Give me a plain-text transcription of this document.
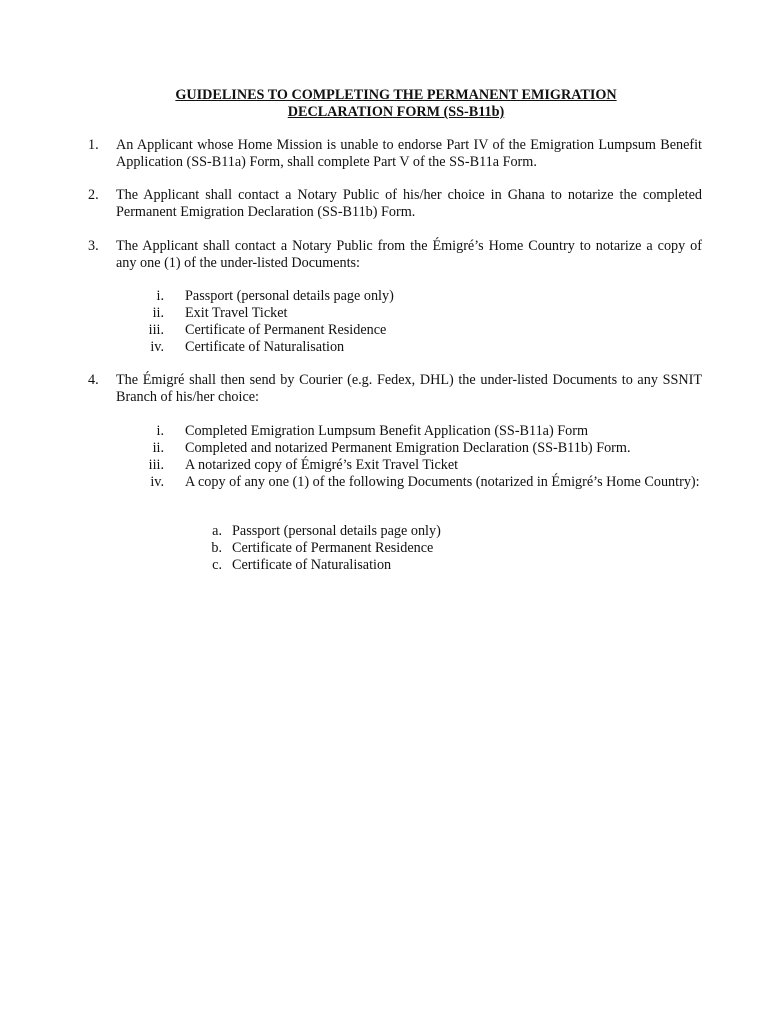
GUIDELINES TO COMPLETING THE PERMANENT EMIGRATION
DECLARATION FORM (SS-B11b)
1.	An Applicant whose Home Mission is unable to endorse Part IV of the Emigration Lumpsum Benefit Application (SS-B11a) Form, shall complete Part V of the SS-B11a Form.
2.	The Applicant shall contact a Notary Public of his/her choice in Ghana to notarize the completed Permanent Emigration Declaration (SS-B11b) Form.
3.	The Applicant shall contact a Notary Public from the Émigré’s Home Country to notarize a copy of any one (1) of the under-listed Documents:
i. Passport (personal details page only)
ii. Exit Travel Ticket
iii. Certificate of Permanent Residence
iv. Certificate of Naturalisation
4.	The Émigré shall then send by Courier (e.g. Fedex, DHL) the under-listed Documents to any SSNIT Branch of his/her choice:
i. Completed Emigration Lumpsum Benefit Application (SS-B11a) Form
ii. Completed and notarized Permanent Emigration Declaration (SS-B11b) Form.
iii. A notarized copy of Émigré’s Exit Travel Ticket
iv. A copy of any one (1) of the following Documents (notarized in Émigré’s Home Country):
a. Passport (personal details page only)
b. Certificate of Permanent Residence
c. Certificate of Naturalisation
